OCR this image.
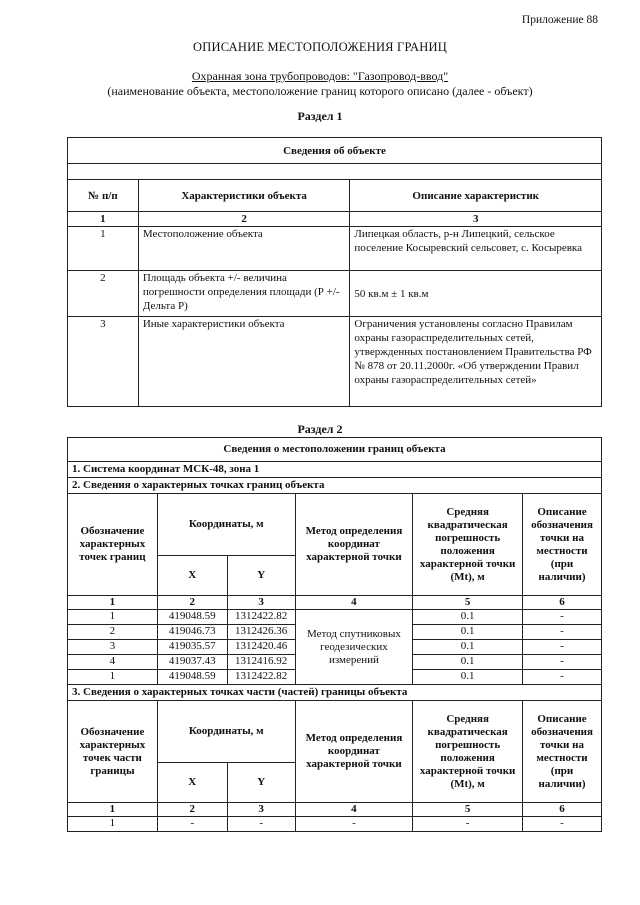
Приложение 88
ОПИСАНИЕ МЕСТОПОЛОЖЕНИЯ ГРАНИЦ
Охранная зона трубопроводов: "Газопровод-ввод"
(наименование объекта, местоположение границ которого описано (далее - объект)
Раздел 1
Сведения об объекте		

№ п/п	Характеристики объекта	Описание характеристик
1	2	3
1	Местоположение объекта	Липецкая область, р-н Липецкий, сельское поселение Косыревский сельсовет, с. Косыревка
2	Площадь объекта +/- величина погрешности определения площади (Р +/- Дельта Р)	50 кв.м ± 1 кв.м
3	Иные характеристики объекта	Ограничения установлены согласно Правилам охраны газораспределительных сетей, утвержденных постановлением Правительства РФ № 878 от 20.11.2000г. «Об утверждении Правил охраны газораспределительных сетей»
Раздел 2
Сведения о местоположении границ объекта					
1. Система координат МСК-48, зона 1					
2. Сведения о характерных точках границ объекта					
Обозначение характерных точек границ	Координаты, м		Метод определения координат характерной точки	Средняя квадратическая погрешность положения характерной точки (Mt), м	Описание обозначения точки на местности (при наличии)
	X	Y			
1	2	3	4	5	6
1	419048.59	1312422.82	Метод спутниковых геодезических измерений	0.1	-
2	419046.73	1312426.36		0.1	-
3	419035.57	1312420.46		0.1	-
4	419037.43	1312416.92		0.1	-
1	419048.59	1312422.82		0.1	-
3. Сведения о характерных точках части (частей) границы объекта					
Обозначение характерных точек части границы	Координаты, м		Метод определения координат характерной точки	Средняя квадратическая погрешность положения характерной точки (Mt), м	Описание обозначения точки на местности (при наличии)
	X	Y			
1	2	3	4	5	6
1	-	-	-	-	-
